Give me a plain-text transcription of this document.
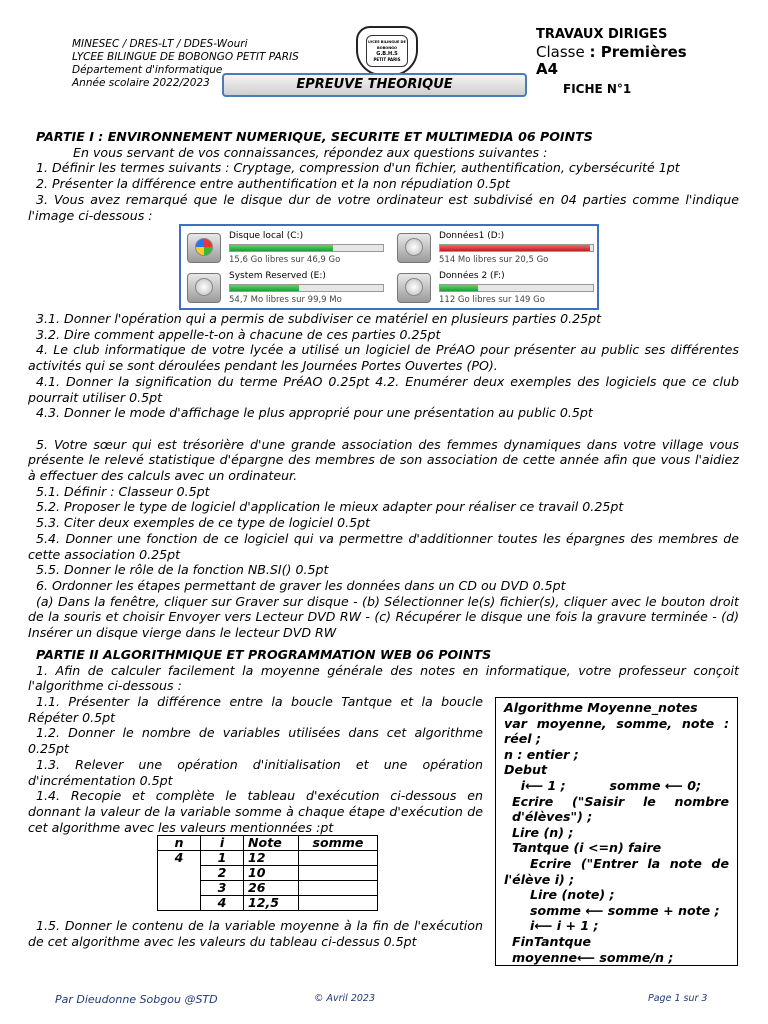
MINESEC / DRES-LT / DDES-Wouri
LYCEE BILINGUE DE BOBONGO PETIT PARIS
Département d'informatique
Année scolaire 2022/2023
LYCEE BILINGUE DE BOBONGO
G.B.H.S
PETIT PARIS
EPREUVE THEORIQUE
TRAVAUX DIRIGES
Classe : Premières
A4
FICHE N°1

PARTIE I : ENVIRONNEMENT NUMERIQUE, SECURITE ET MULTIMEDIA 06 POINTS

En vous servant de vos connaissances, répondez aux questions suivantes :

1. Définir les termes suivants : Cryptage, compression d'un fichier, authentification, cybersécurité 1pt

2. Présenter la différence entre authentification et la non répudiation 0.5pt

3. Vous avez remarqué que le disque dur de votre ordinateur est subdivisé en 04 parties comme l'indique l'image ci-dessous :

Disque local (C:)
15,6 Go libres sur 46,9 Go
Données1 (D:)
514 Mo libres sur 20,5 Go
System Reserved (E:)
54,7 Mo libres sur 99,9 Mo
Données 2 (F:)
112 Go libres sur 149 Go

3.1. Donner l'opération qui a permis de subdiviser ce matériel en plusieurs parties 0.25pt

3.2. Dire comment appelle-t-on à chacune de ces parties 0.25pt

4. Le club informatique de votre lycée a utilisé un logiciel de PréAO pour présenter au public ses différentes activités qui se sont déroulées pendant les Journées Portes Ouvertes (PO).

4.1. Donner la signification du terme PréAO 0.25pt 4.2. Enumérer deux exemples des logiciels que ce club pourrait utiliser 0.5pt

4.3. Donner le mode d'affichage le plus approprié pour une présentation au public 0.5pt

5. Votre sœur qui est trésorière d'une grande association des femmes dynamiques dans votre village vous présente le relevé statistique d'épargne des membres de son association de cette année afin que vous l'aidiez à effectuer des calculs avec un ordinateur.

5.1. Définir : Classeur 0.5pt

5.2. Proposer le type de logiciel d'application le mieux adapter pour réaliser ce travail 0.25pt

5.3. Citer deux exemples de ce type de logiciel 0.5pt

5.4. Donner une fonction de ce logiciel qui va permettre d'additionner toutes les épargnes des membres de cette association 0.25pt

5.5. Donner le rôle de la fonction NB.SI() 0.5pt

6. Ordonner les étapes permettant de graver les données dans un CD ou DVD 0.5pt

(a) Dans la fenêtre, cliquer sur Graver sur disque - (b) Sélectionner le(s) fichier(s), cliquer avec le bouton droit de la souris et choisir Envoyer vers Lecteur DVD RW - (c) Récupérer le disque une fois la gravure terminée - (d) Insérer un disque vierge dans le lecteur DVD RW

PARTIE II ALGORITHMIQUE ET PROGRAMMATION WEB 06 POINTS

1. Afin de calculer facilement la moyenne générale des notes en informatique, votre professeur conçoit l'algorithme ci-dessous :

1.1. Présenter la différence entre la boucle Tantque et la boucle Répéter 0.5pt

1.2. Donner le nombre de variables utilisées dans cet algorithme 0.25pt

1.3. Relever une opération d'initialisation et une opération d'incrémentation 0.5pt

1.4. Recopie et complète le tableau d'exécution ci-dessous en donnant la valeur de la variable somme à chaque étape d'exécution de cet algorithme avec les valeurs mentionnées :pt

n	i	Note	somme
4	1	12	
	2	10	
	3	26	
	4	12,5	

1.5. Donner le contenu de la variable moyenne à la fin de l'exécution de cet algorithme avec les valeurs du tableau ci-dessus 0.5pt

Algorithme Moyenne_notes
var moyenne, somme, note : réel ;
n : entier ;
Debut
i⟵ 1 ;          somme ⟵ 0;
Ecrire ("Saisir le nombre d'élèves") ;
Lire (n) ;
Tantque (i <=n) faire
Ecrire ("Entrer la note de l'élève i) ;
Lire (note) ;
somme ⟵ somme + note ;
i⟵ i + 1 ;
FinTantque
moyenne⟵ somme/n ;
Par Dieudonne Sobgou @STD	© Avril 2023	Page 1 sur 3
